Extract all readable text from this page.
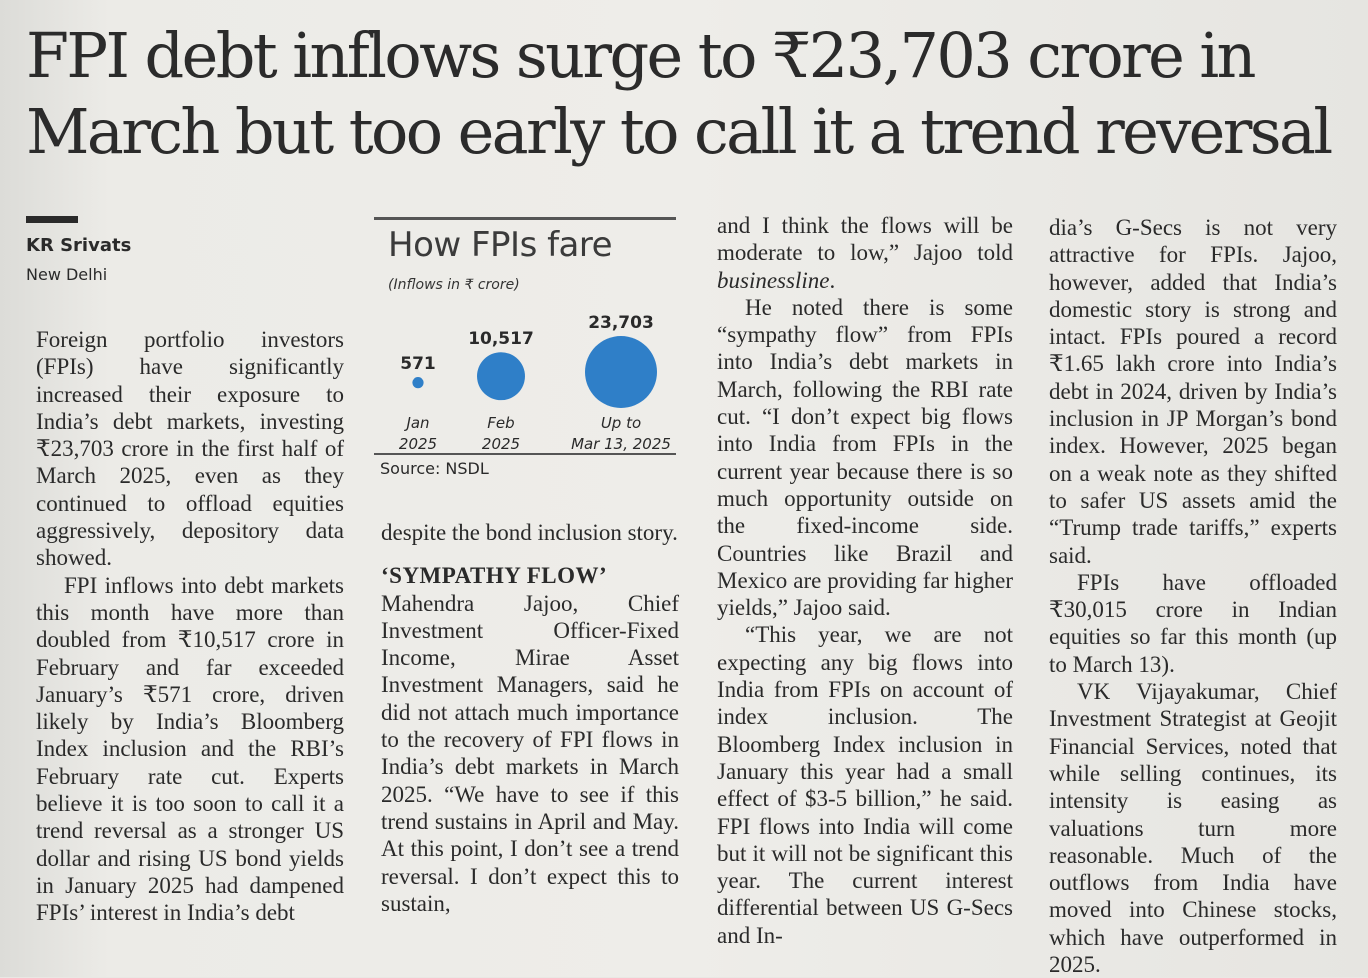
FPI debt inflows surge to ₹23,703 crore in
March but too early to call it a trend reversal
KR Srivats
New Delhi

Foreign portfolio investors (FPIs) have significantly increased their exposure to India’s debt markets, investing ₹23,703 crore in the first half of March 2025, even as they continued to offload equities aggressively, depository data showed.

FPI inflows into debt markets this month have more than doubled from ₹10,517 crore in February and far exceeded January’s ₹571 crore, driven likely by India’s Bloomberg Index inclusion and the RBI’s February rate cut. Experts believe it is too soon to call it a trend reversal as a stronger US dollar and rising US bond yields in January 2025 had dampened FPIs’ interest in India’s debt

How FPIs fare
(Inflows in ₹ crore)
571
Jan
2025
10,517
Feb
2025
23,703
Up to
Mar 13, 2025
Source: NSDL

despite the bond inclusion story.

‘SYMPATHY FLOW’

Mahendra Jajoo, Chief Investment Officer-Fixed Income, Mirae Asset Investment Managers, said he did not attach much importance to the recovery of FPI flows in India’s debt markets in March 2025. “We have to see if this trend sustains in April and May. At this point, I don’t see a trend reversal. I don’t expect this to sustain,

and I think the flows will be moderate to low,” Jajoo told businessline.

He noted there is some “sympathy flow” from FPIs into India’s debt markets in March, following the RBI rate cut. “I don’t expect big flows into India from FPIs in the current year because there is so much opportunity outside on the fixed-income side. Countries like Brazil and Mexico are providing far higher yields,” Jajoo said.

“This year, we are not expecting any big flows into India from FPIs on account of index inclusion. The Bloomberg Index inclusion in January this year had a small effect of $3-5 billion,” he said. FPI flows into India will come but it will not be significant this year. The current interest differential between US G-Secs and In-

dia’s G-Secs is not very attractive for FPIs. Jajoo, however, added that India’s domestic story is strong and intact. FPIs poured a record ₹1.65 lakh crore into India’s debt in 2024, driven by India’s inclusion in JP Morgan’s bond index. However, 2025 began on a weak note as they shifted to safer US assets amid the “Trump trade tariffs,” experts said.

FPIs have offloaded ₹30,015 crore in Indian equities so far this month (up to March 13).

VK Vijayakumar, Chief Investment Strategist at Geojit Financial Services, noted that while selling continues, its intensity is easing as valuations turn more reasonable. Much of the outflows from India have moved into Chinese stocks, which have outperformed in 2025.
